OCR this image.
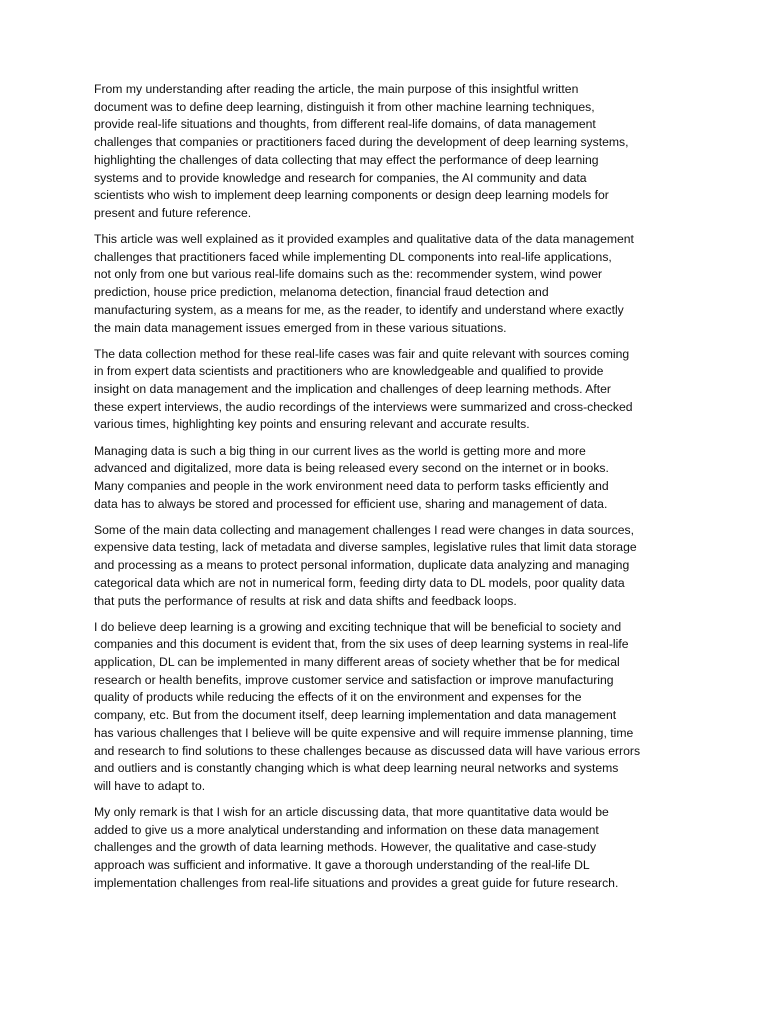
From my understanding after reading the article, the main purpose of this insightful written
document was to define deep learning, distinguish it from other machine learning techniques,
provide real-life situations and thoughts, from different real-life domains, of data management
challenges that companies or practitioners faced during the development of deep learning systems,
highlighting the challenges of data collecting that may effect the performance of deep learning
systems and to provide knowledge and research for companies, the AI community and data
scientists who wish to implement deep learning components or design deep learning models for
present and future reference.

This article was well explained as it provided examples and qualitative data of the data management
challenges that practitioners faced while implementing DL components into real-life applications,
not only from one but various real-life domains such as the: recommender system, wind power
prediction, house price prediction, melanoma detection, financial fraud detection and
manufacturing system, as a means for me, as the reader, to identify and understand where exactly
the main data management issues emerged from in these various situations.

The data collection method for these real-life cases was fair and quite relevant with sources coming
in from expert data scientists and practitioners who are knowledgeable and qualified to provide
insight on data management and the implication and challenges of deep learning methods. After
these expert interviews, the audio recordings of the interviews were summarized and cross-checked
various times, highlighting key points and ensuring relevant and accurate results.

Managing data is such a big thing in our current lives as the world is getting more and more
advanced and digitalized, more data is being released every second on the internet or in books.
Many companies and people in the work environment need data to perform tasks efficiently and
data has to always be stored and processed for efficient use, sharing and management of data.

Some of the main data collecting and management challenges I read were changes in data sources,
expensive data testing, lack of metadata and diverse samples, legislative rules that limit data storage
and processing as a means to protect personal information, duplicate data analyzing and managing
categorical data which are not in numerical form, feeding dirty data to DL models, poor quality data
that puts the performance of results at risk and data shifts and feedback loops.

I do believe deep learning is a growing and exciting technique that will be beneficial to society and
companies and this document is evident that, from the six uses of deep learning systems in real-life
application, DL can be implemented in many different areas of society whether that be for medical
research or health benefits, improve customer service and satisfaction or improve manufacturing
quality of products while reducing the effects of it on the environment and expenses for the
company, etc. But from the document itself, deep learning implementation and data management
has various challenges that I believe will be quite expensive and will require immense planning, time
and research to find solutions to these challenges because as discussed data will have various errors
and outliers and is constantly changing which is what deep learning neural networks and systems
will have to adapt to.

My only remark is that I wish for an article discussing data, that more quantitative data would be
added to give us a more analytical understanding and information on these data management
challenges and the growth of data learning methods. However, the qualitative and case-study
approach was sufficient and informative. It gave a thorough understanding of the real-life DL
implementation challenges from real-life situations and provides a great guide for future research.
